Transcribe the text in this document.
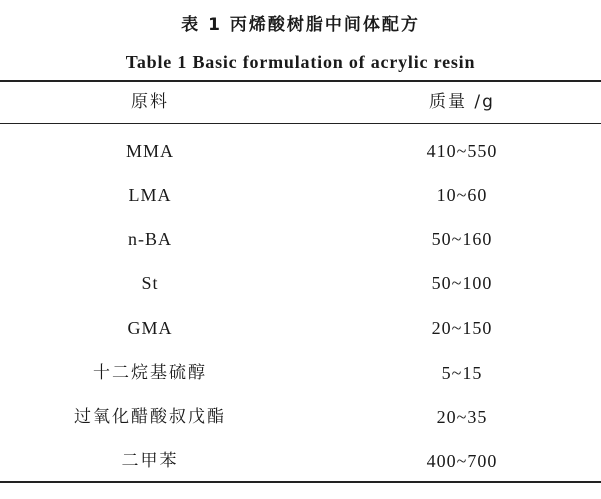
表 1 丙烯酸树脂中间体配方
Table 1 Basic formulation of acrylic resin
原料	质量 /g
MMA	410~550
LMA	10~60
n-BA	50~160
St	50~100
GMA	20~150
十二烷基硫醇	5~15
过氧化醋酸叔戊酯	20~35
二甲苯	400~700
